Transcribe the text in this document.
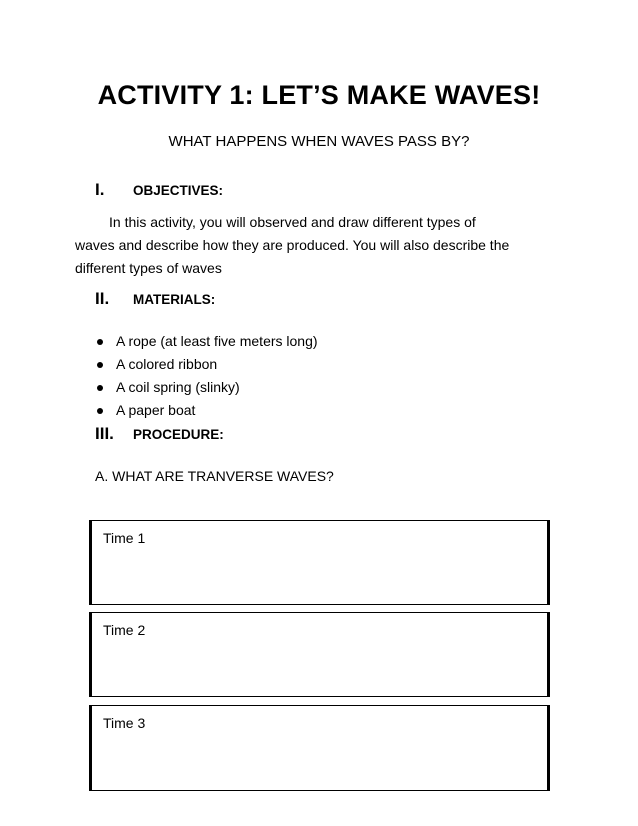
ACTIVITY 1: LET’S MAKE WAVES!
WHAT HAPPENS WHEN WAVES PASS BY?
I.	OBJECTIVES:
In this activity, you will observed and draw different types of
waves and describe how they are produced. You will also describe the
different types of waves
II.	MATERIALS:
A rope (at least five meters long)
A colored ribbon
A coil spring (slinky)
A paper boat
III.	PROCEDURE:
A. WHAT ARE TRANVERSE WAVES?
Time 1
Time 2
Time 3
